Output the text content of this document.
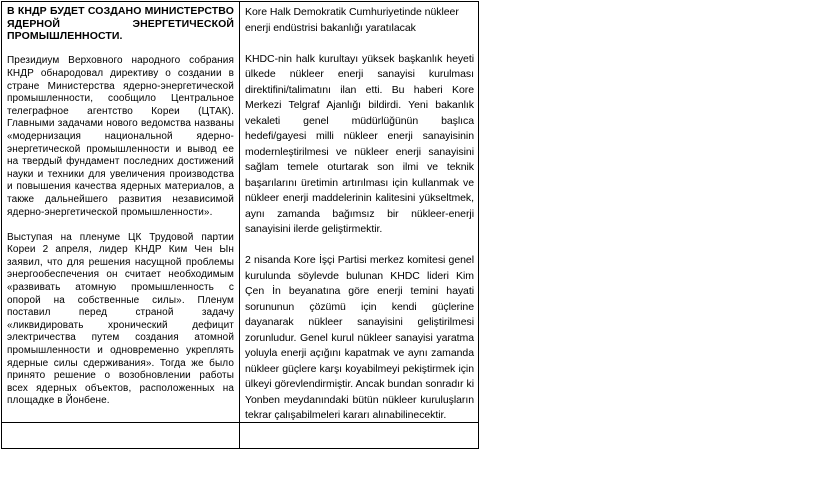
В КНДР БУДЕТ СОЗДАНО МИНИСТЕРСТВО ЯДЕРНОЙ ЭНЕРГЕТИЧЕСКОЙ ПРОМЫШЛЕННОСТИ.

Президиум Верховного народного собрания КНДР обнародовал директиву о создании в стране Министерства ядерно-энергетической промышленности, сообщило Центральное телеграфное агентство Кореи (ЦТАК). Главными задачами нового ведомства названы «модернизация национальной ядерно-энергетической промышленности и вывод ее на твердый фундамент последних достижений науки и техники для увеличения производства и повышения качества ядерных материалов, а также дальнейшего развития независимой ядерно-энергетической промышленности».

Выступая на пленуме ЦК Трудовой партии Кореи 2 апреля, лидер КНДР Ким Чен Ын заявил, что для решения насущной проблемы энергообеспечения он считает необходимым «развивать атомную промышленность с опорой на собственные силы». Пленум поставил перед страной задачу «ликвидировать хронический дефицит электричества путем создания атомной промышленности и одновременно укреплять ядерные силы сдерживания». Тогда же было принято решение о возобновлении работы всех ядерных объектов, расположенных на площадке в Йонбене.

Kore Halk Demokratik Cumhuriyetinde nükleer enerji endüstrisi bakanlığı yaratılacak

KHDC-nin halk kurultayı yüksek başkanlık heyeti ülkede nükleer enerji sanayisi kurulması direktifini/talimatını ilan etti. Bu haberi Kore Merkezi Telgraf Ajanlığı bildirdi. Yeni bakanlık vekaleti genel müdürlüğünün başlıca hedefi/gayesi milli nükleer enerji sanayisinin modernleştirilmesi ve nükleer enerji sanayisini sağlam temele oturtarak son ilmi ve teknik başarılarını üretimin artırılması için kullanmak ve nükleer enerji maddelerinin kalitesini yükseltmek, aynı zamanda bağımsız bir nükleer-enerji sanayisini ilerde geliştirmektir.

2 nisanda Kore İşçi Partisi merkez komitesi genel kurulunda söylevde bulunan KHDC lideri Kim Çen İn beyanatına göre enerji temini hayati sorununun çözümü için kendi güçlerine dayanarak nükleer sanayisini geliştirilmesi zorunludur. Genel kurul nükleer sanayisi yaratma yoluyla enerji açığını kapatmak ve aynı zamanda nükleer güçlere karşı koyabilmeyi pekiştirmek için ülkeyi görevlendirmiştir. Ancak bundan sonradır ki Yonben meydanındaki bütün nükleer kuruluşların tekrar çalışabilmeleri kararı alınabilinecektir.
